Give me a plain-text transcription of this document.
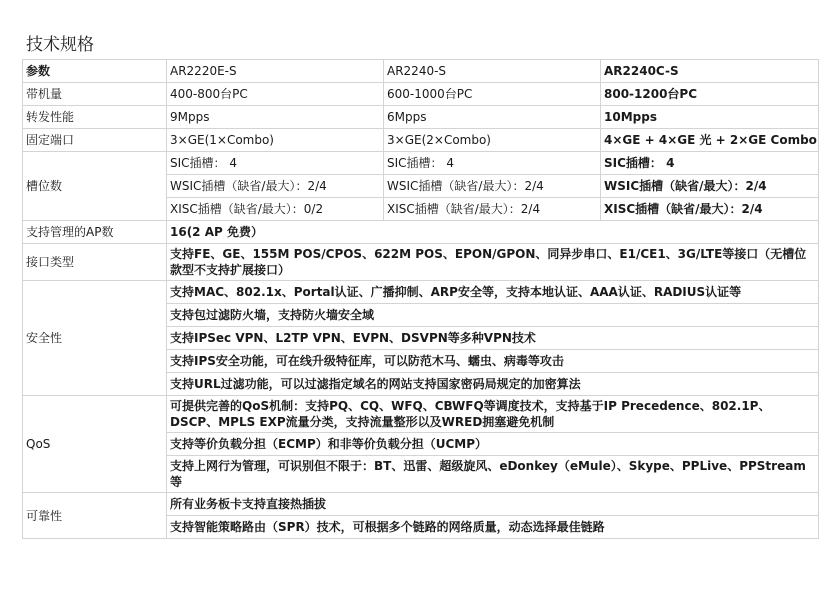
技术规格
参数	AR2220E-S	AR2240-S	AR2240C-S
带机量	400-800台PC	600-1000台PC	800-1200台PC
转发性能	9Mpps	6Mpps	10Mpps
固定端口	3×GE(1×Combo)	3×GE(2×Combo)	4×GE + 4×GE 光 + 2×GE Combo
槽位数	SIC插槽： 4	SIC插槽： 4	SIC插槽： 4
	WSIC插槽（缺省/最大）：2/4	WSIC插槽（缺省/最大）：2/4	WSIC插槽（缺省/最大）：2/4
	XISC插槽（缺省/最大）：0/2	XISC插槽（缺省/最大）：2/4	XISC插槽（缺省/最大）：2/4
支持管理的AP数	16(2 AP 免费）		
接口类型	支持FE、GE、155M POS/CPOS、622M POS、EPON/GPON、同异步串口、E1/CE1、3G/LTE等接口（无槽位款型不支持扩展接口）		
安全性	支持MAC、802.1x、Portal认证、广播抑制、ARP安全等，支持本地认证、AAA认证、RADIUS认证等		
	支持包过滤防火墙，支持防火墙安全域		
	支持IPSec VPN、L2TP VPN、EVPN、DSVPN等多种VPN技术		
	支持IPS安全功能，可在线升级特征库，可以防范木马、蠕虫、病毒等攻击		
	支持URL过滤功能，可以过滤指定域名的网站支持国家密码局规定的加密算法		
QoS	可提供完善的QoS机制：支持PQ、CQ、WFQ、CBWFQ等调度技术，支持基于IP Precedence、802.1P、DSCP、MPLS EXP流量分类，支持流量整形以及WRED拥塞避免机制		
	支持等价负载分担（ECMP）和非等价负载分担（UCMP）		
	支持上网行为管理，可识别但不限于：BT、迅雷、超级旋风、eDonkey（eMule）、Skype、PPLive、PPStream等		
可靠性	所有业务板卡支持直接热插拔		
	支持智能策略路由（SPR）技术，可根据多个链路的网络质量，动态选择最佳链路		
